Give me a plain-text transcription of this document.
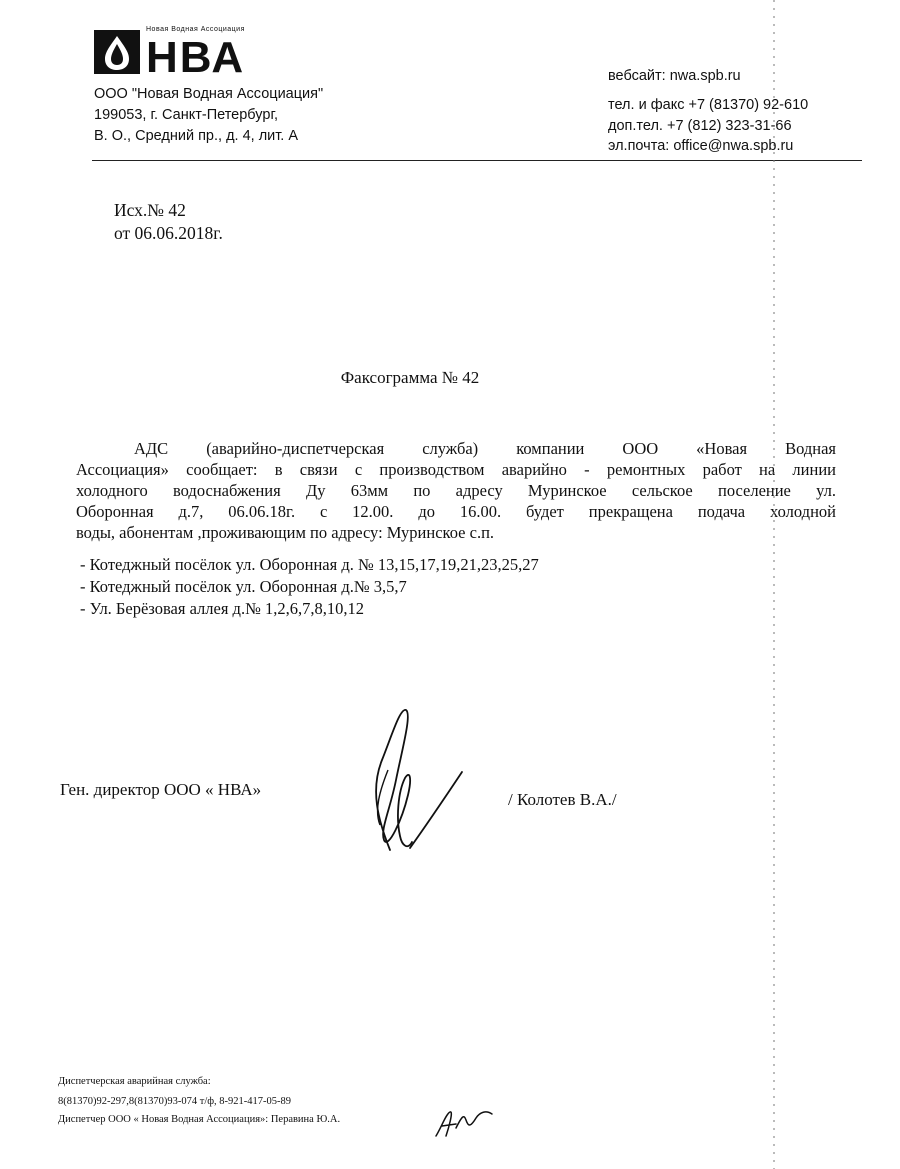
Новая Водная Ассоциация
НВА
ООО "Новая Водная Ассоциация"
199053, г. Санкт-Петербург,
В. О., Средний пр., д. 4, лит. А
вебсайт: nwa.spb.ru
тел. и факс +7 (81370) 92-610
доп.тел. +7 (812) 323-31-66
эл.почта: office@nwa.spb.ru
Исх.№ 42
от 06.06.2018г.
Факсограмма № 42
АДС (аварийно-диспетчерская служба) компании ООО «Новая Водная
Ассоциация» сообщает: в связи с производством аварийно - ремонтных работ на линии
холодного водоснабжения Ду 63мм по адресу Муринское сельское поселение ул.
Оборонная д.7, 06.06.18г. с 12.00. до 16.00. будет прекращена подача холодной
воды, абонентам ,проживающим по адресу: Муринское с.п.
- Котеджный посёлок ул. Оборонная д. № 13,15,17,19,21,23,25,27
- Котеджный посёлок ул. Оборонная д.№ 3,5,7
- Ул. Берёзовая аллея д.№ 1,2,6,7,8,10,12
Ген. директор ООО « НВА»
/ Колотев В.А./
Диспетчерская аварийная служба:
8(81370)92-297,8(81370)93-074 т/ф, 8-921-417-05-89
Диспетчер ООО « Новая Водная Ассоциация»: Перавина Ю.А.
